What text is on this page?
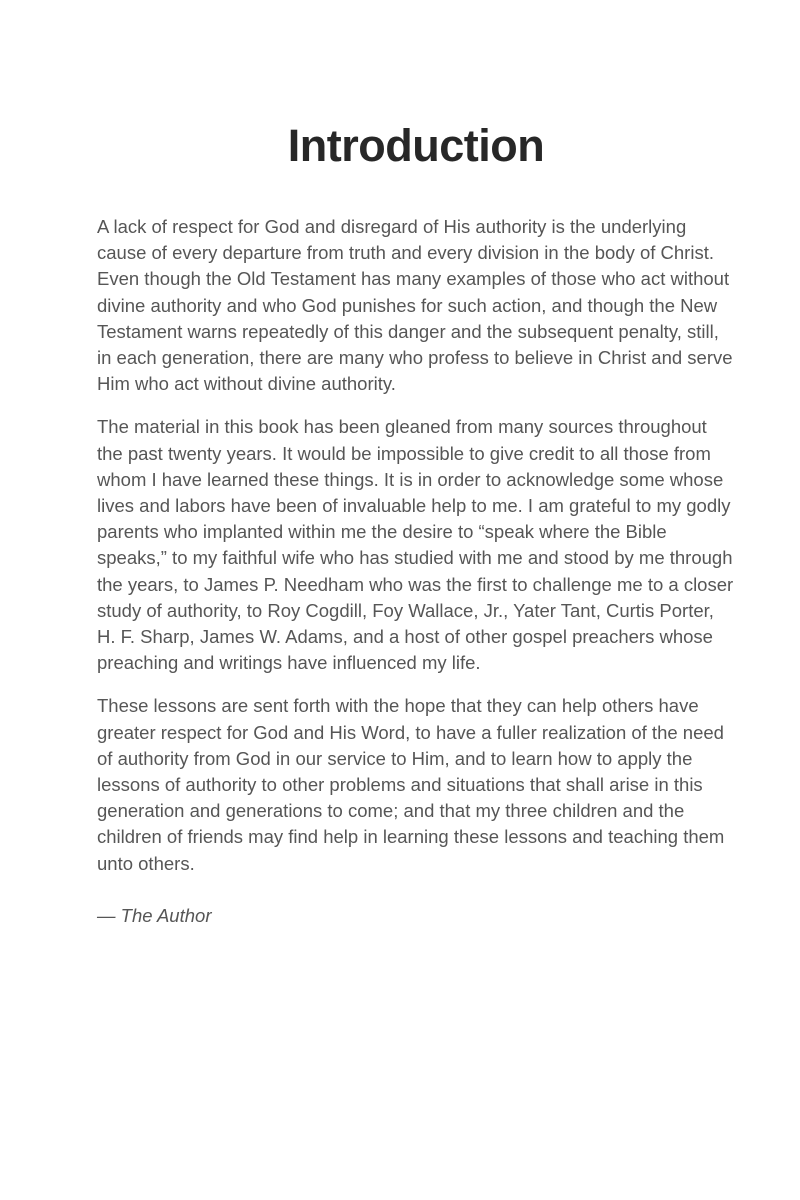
Introduction

A lack of respect for God and disregard of His authority is the underlying cause of every departure from truth and every division in the body of Christ. Even though the Old Testament has many examples of those who act without divine authority and who God punishes for such action, and though the New Testament warns repeatedly of this danger and the subsequent penalty, still, in each generation, there are many who profess to believe in Christ and serve Him who act without divine authority.

The material in this book has been gleaned from many sources throughout the past twenty years. It would be impossible to give credit to all those from whom I have learned these things. It is in order to acknowledge some whose lives and labors have been of invaluable help to me. I am grateful to my godly parents who implanted within me the desire to “speak where the Bible speaks,” to my faithful wife who has studied with me and stood by me through the years, to James P. Needham who was the first to challenge me to a closer study of authority, to Roy Cogdill, Foy Wallace, Jr., Yater Tant, Curtis Porter, H. F. Sharp, James W. Adams, and a host of other gospel preachers whose preaching and writings have influenced my life.

These lessons are sent forth with the hope that they can help others have greater respect for God and His Word, to have a fuller realization of the need of authority from God in our service to Him, and to learn how to apply the lessons of authority to other problems and situations that shall arise in this generation and generations to come; and that my three children and the children of friends may find help in learning these lessons and teaching them unto others.

— The Author
